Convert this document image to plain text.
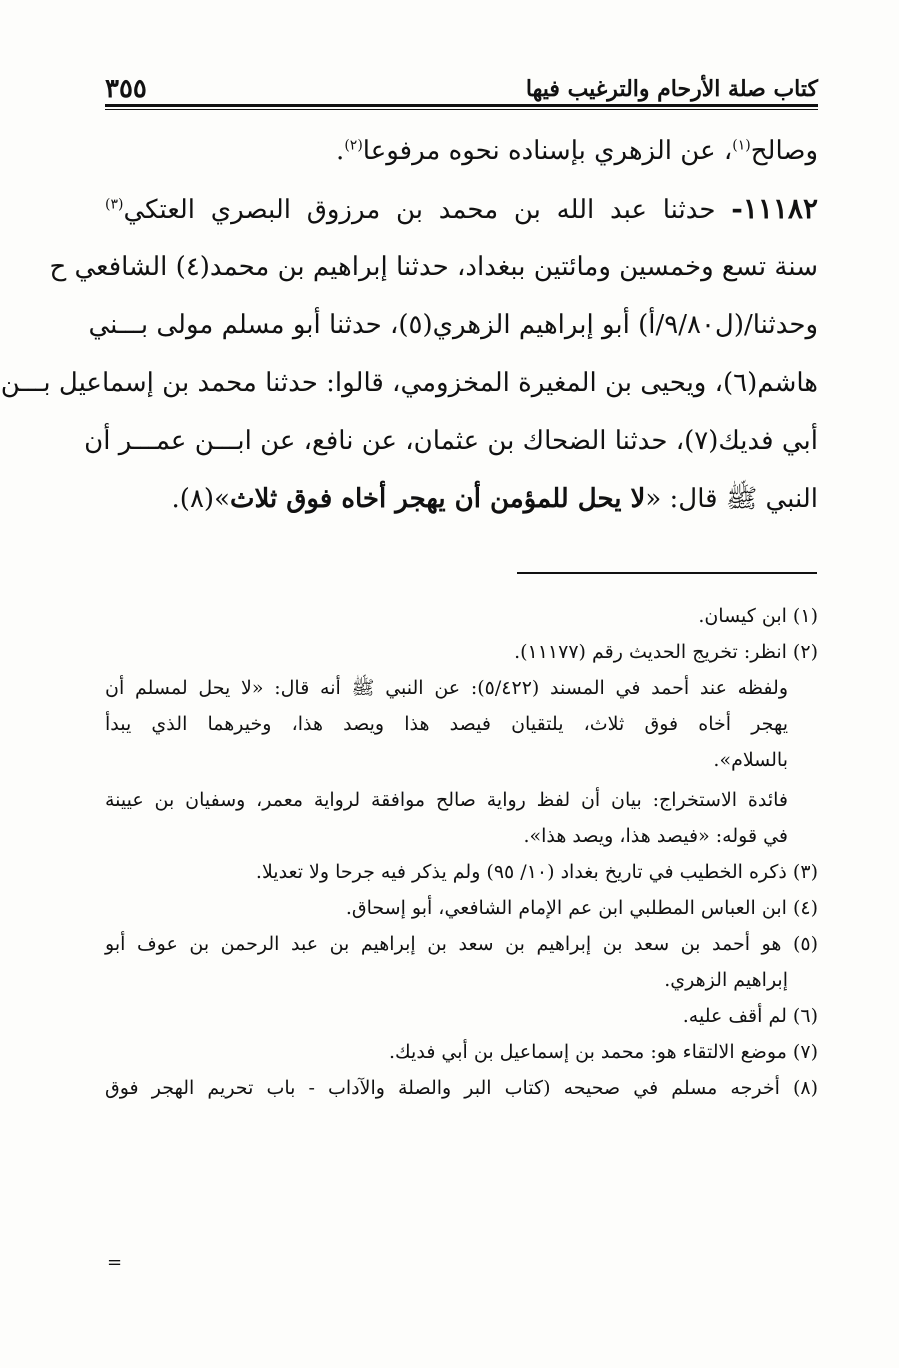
٣٥٥	كتاب صلة الأرحام والترغيب فيها
وصالح$^{(١)}$، عن الزهري بإسناده نحوه مرفوعا$^{(٢)}$.
١١١٨٢- حدثنا عبد الله بن محمد بن مرزوق البصري العتكي$^{(٣)}$
سنة تسع وخمسين ومائتين ببغداد، حدثنا إبراهيم بن محمد(٤) الشافعي ح
وحدثنا/(ل٩/٨٠/أ) أبو إبراهيم الزهري(٥)، حدثنا أبو مسلم مولى بـــني
هاشم(٦)، ويحيى بن المغيرة المخزومي، قالوا: حدثنا محمد بن إسماعيل بـــن
أبي فديك(٧)، حدثنا الضحاك بن عثمان، عن نافع، عن ابـــن عمـــر أن
النبي ﷺ قال: «لا يحل للمؤمن أن يهجر أخاه فوق ثلاث»(٨).
(١) ابن كيسان.
(٢) انظر: تخريج الحديث رقم (١١١٧٧).
ولفظه عند أحمد في المسند (٥/٤٢٢): عن النبي ﷺ أنه قال: «لا يحل لمسلم أن
يهجر أخاه فوق ثلاث، يلتقيان فيصد هذا ويصد هذا، وخيرهما الذي يبدأ
بالسلام».
فائدة الاستخراج: بيان أن لفظ رواية صالح موافقة لرواية معمر، وسفيان بن عيينة
في قوله: «فيصد هذا، ويصد هذا».
(٣) ذكره الخطيب في تاريخ بغداد (١٠/ ٩٥) ولم يذكر فيه جرحا ولا تعديلا.
(٤) ابن العباس المطلبي ابن عم الإمام الشافعي، أبو إسحاق.
(٥) هو أحمد بن سعد بن إبراهيم بن سعد بن إبراهيم بن عبد الرحمن بن عوف أبو
إبراهيم الزهري.
(٦) لم أقف عليه.
(٧) موضع الالتقاء هو: محمد بن إسماعيل بن أبي فديك.
(٨) أخرجه مسلم في صحيحه (كتاب البر والصلة والآداب - باب تحريم الهجر فوق
=
